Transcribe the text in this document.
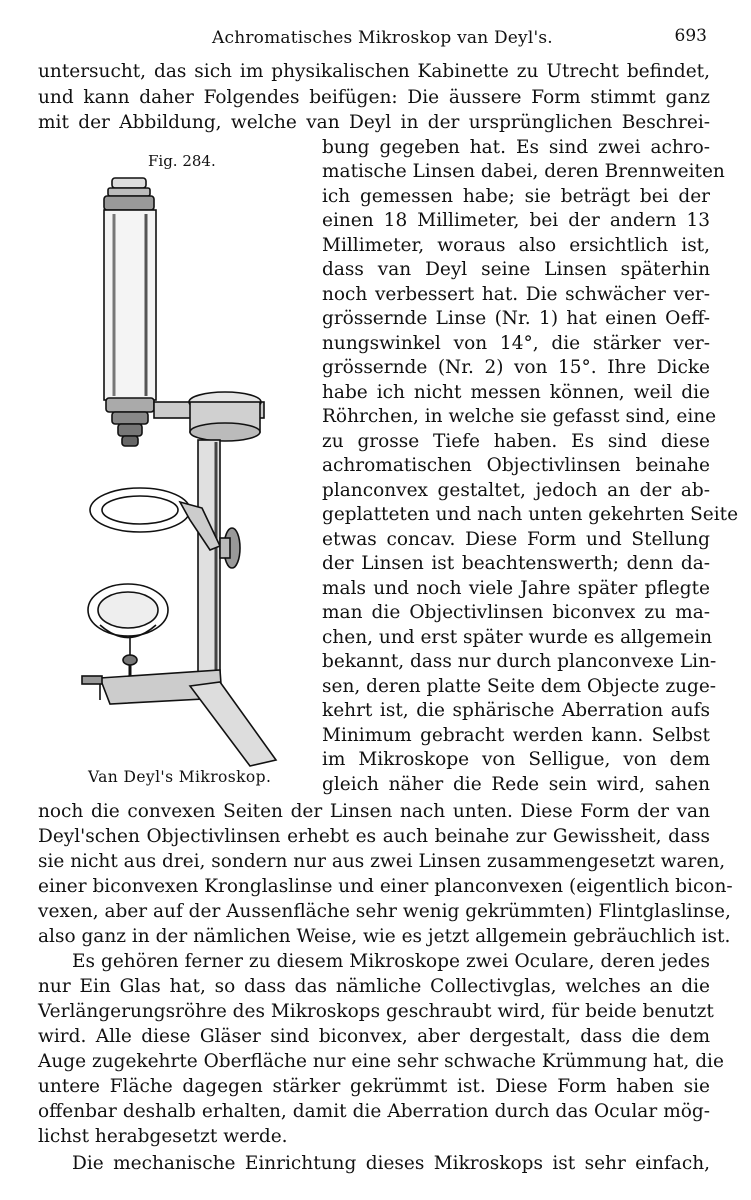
Achromatisches Mikroskop van Deyl's.	693
Fig. 284.
Van Deyl's Mikroskop.
untersucht, das sich im physikalischen Kabinette zu Utrecht befindet,
und kann daher Folgendes beifügen: Die äussere Form stimmt ganz
mit der Abbildung, welche van Deyl in der ursprünglichen Beschrei-
bung gegeben hat. Es sind zwei achro-
matische Linsen dabei, deren Brennweiten
ich gemessen habe; sie beträgt bei der
einen 18 Millimeter, bei der andern 13
Millimeter, woraus also ersichtlich ist,
dass van Deyl seine Linsen späterhin
noch verbessert hat. Die schwächer ver-
grössernde Linse (Nr. 1) hat einen Oeff-
nungswinkel von 14°, die stärker ver-
grössernde (Nr. 2) von 15°. Ihre Dicke
habe ich nicht messen können, weil die
Röhrchen, in welche sie gefasst sind, eine
zu grosse Tiefe haben. Es sind diese
achromatischen Objectivlinsen beinahe
planconvex gestaltet, jedoch an der ab-
geplatteten und nach unten gekehrten Seite
etwas concav. Diese Form und Stellung
der Linsen ist beachtenswerth; denn da-
mals und noch viele Jahre später pflegte
man die Objectivlinsen biconvex zu ma-
chen, und erst später wurde es allgemein
bekannt, dass nur durch planconvexe Lin-
sen, deren platte Seite dem Objecte zuge-
kehrt ist, die sphärische Aberration aufs
Minimum gebracht werden kann. Selbst
im Mikroskope von Selligue, von dem
gleich näher die Rede sein wird, sahen
noch die convexen Seiten der Linsen nach unten. Diese Form der van
Deyl'schen Objectivlinsen erhebt es auch beinahe zur Gewissheit, dass
sie nicht aus drei, sondern nur aus zwei Linsen zusammengesetzt waren,
einer biconvexen Kronglaslinse und einer planconvexen (eigentlich bicon-
vexen, aber auf der Aussenfläche sehr wenig gekrümmten) Flintglaslinse,
also ganz in der nämlichen Weise, wie es jetzt allgemein gebräuchlich ist.
Es gehören ferner zu diesem Mikroskope zwei Oculare, deren jedes
nur Ein Glas hat, so dass das nämliche Collectivglas, welches an die
Verlängerungsröhre des Mikroskops geschraubt wird, für beide benutzt
wird. Alle diese Gläser sind biconvex, aber dergestalt, dass die dem
Auge zugekehrte Oberfläche nur eine sehr schwache Krümmung hat, die
untere Fläche dagegen stärker gekrümmt ist. Diese Form haben sie
offenbar deshalb erhalten, damit die Aberration durch das Ocular mög-
lichst herabgesetzt werde.
Die mechanische Einrichtung dieses Mikroskops ist sehr einfach,
